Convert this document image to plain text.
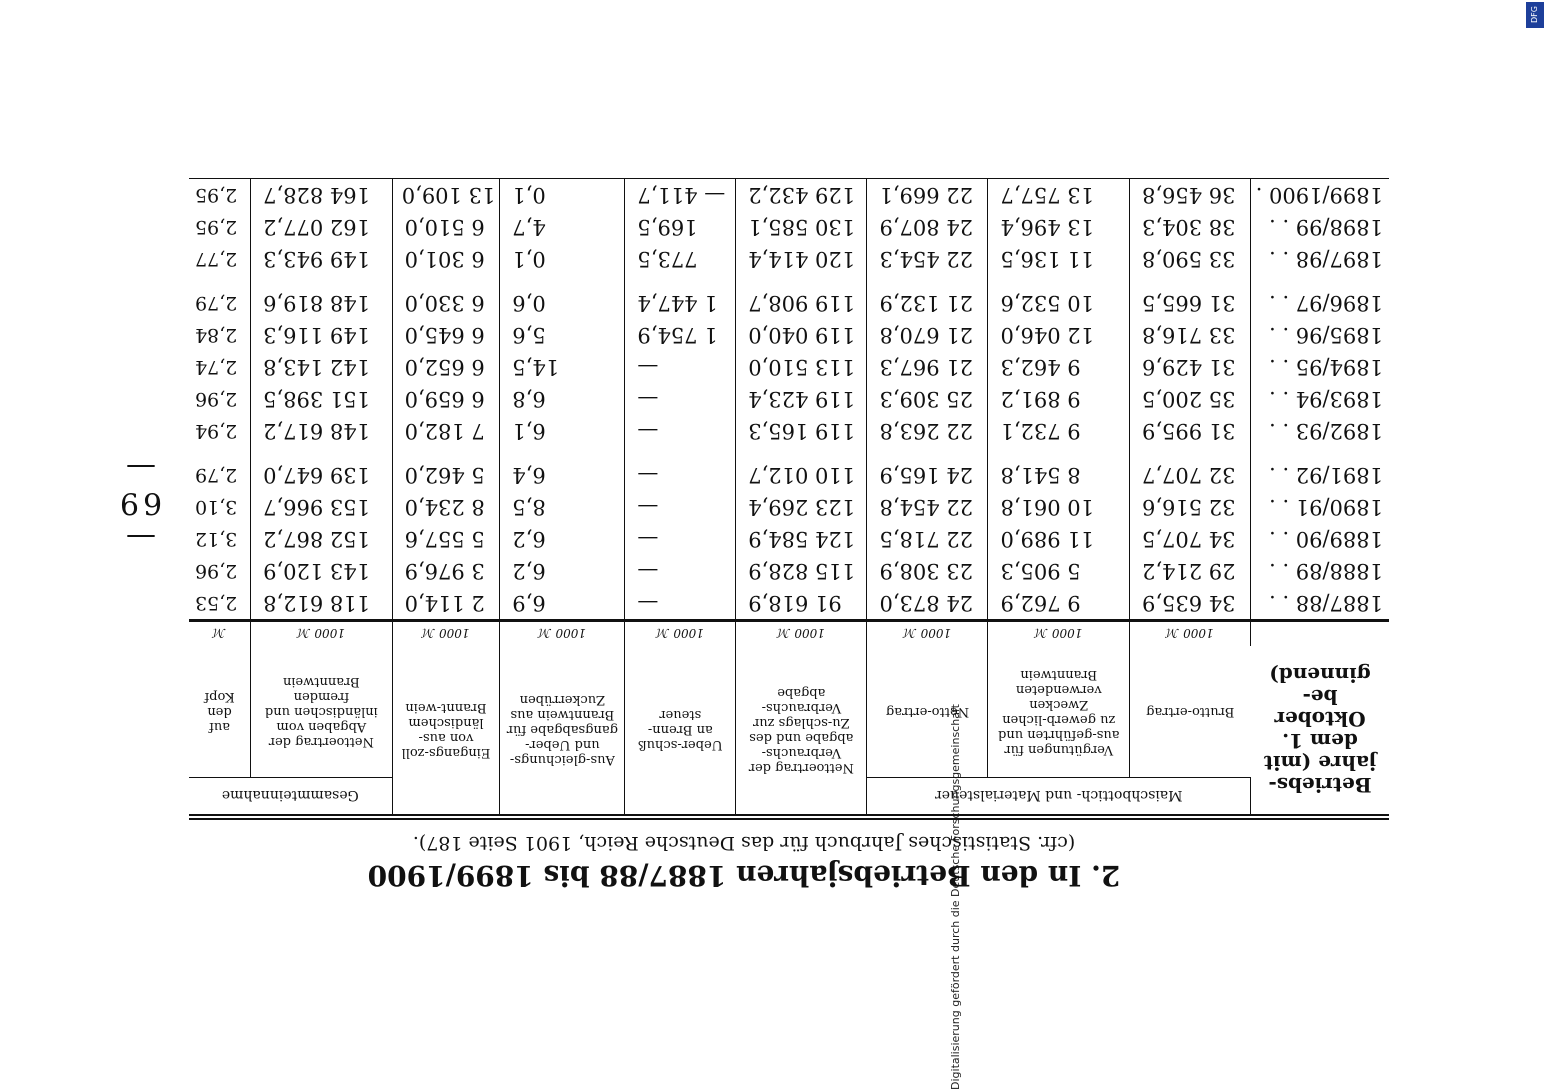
Digitalisierung gefördert durch die Deutsche Forschungsgemeinschaft
DFG
— 69 —
2. In den Betriebsjahren 1887/88 bis 1899/1900
(cfr. Statistisches Jahrbuch für das Deutsche Reich, 1901 Seite 187).
Betriebs-jahre (mit dem 1. Oktober be-ginnend)	Maischbottich- und Materialsteuer			Nettoertrag der Verbrauchs-abgabe und des Zu-schlags zur Verbrauchs-abgabe	Ueber-schuß an Brenn-steuer	Aus-gleichungs- und Ueber-gangsabgabe für Branntwein aus Zuckerrüben	Eingangs-zoll von aus-ländischem Brannt-wein	Gesammteinnahme	
	Brutto-ertrag	Vergütungen für aus-geführten und zu gewerb-lichen Zwecken verwendeten Branntwein	Netto-ertrag					Nettoertrag der Abgaben vom inländischen und fremden Branntwein	auf den Kopf
	1000 ℳ	1000 ℳ	1000 ℳ	1000 ℳ	1000 ℳ	1000 ℳ	1000 ℳ	1000 ℳ	ℳ
1887/88 . .	34 635,9	9 762,9	24 873,0	91 618,9	—	6,9	2 114,0	118 612,8	2,53
1888/89 . .	29 214,2	5 905,3	23 308,9	115 828,9	—	6,2	3 976,9	143 120,9	2,96
1889/90 . .	34 707,5	11 989,0	22 718,5	124 584,9	—	6,2	5 557,6	152 867,2	3,12
1890/91 . .	32 516,6	10 061,8	22 454,8	123 269,4	—	8,5	8 234,0	153 966,7	3,10
1891/92 . .	32 707,7	8 541,8	24 165,9	110 012,7	—	6,4	5 462,0	139 647,0	2,79
1892/93 . .	31 995,9	9 732,1	22 263,8	119 165,3	—	6,1	7 182,0	148 617,2	2,94
1893/94 . .	35 200,5	9 891,2	25 309,3	119 423,4	—	6,8	6 659,0	151 398,5	2,96
1894/95 . .	31 429,6	9 462,3	21 967,3	113 510,0	—	14,5	6 652,0	142 143,8	2,74
1895/96 . .	33 716,8	12 046,0	21 670,8	119 040,0	1 754,9	5,6	6 645,0	149 116,3	2,84
1896/97 . .	31 665,5	10 532,6	21 132,9	119 908,7	1 447,4	0,6	6 330,0	148 819,6	2,79
1897/98 . .	33 590,8	11 136,5	22 454,3	120 414,4	773,5	0,1	6 301,0	149 943,3	2,77
1898/99 . .	38 304,3	13 496,4	24 807,9	130 585,1	169,5	4,7	6 510,0	162 077,2	2,95
1899/1900 .	36 456,8	13 757,7	22 669,1	129 432,2	— 411,7	0,1	13 109,0	164 828,7	2,95
